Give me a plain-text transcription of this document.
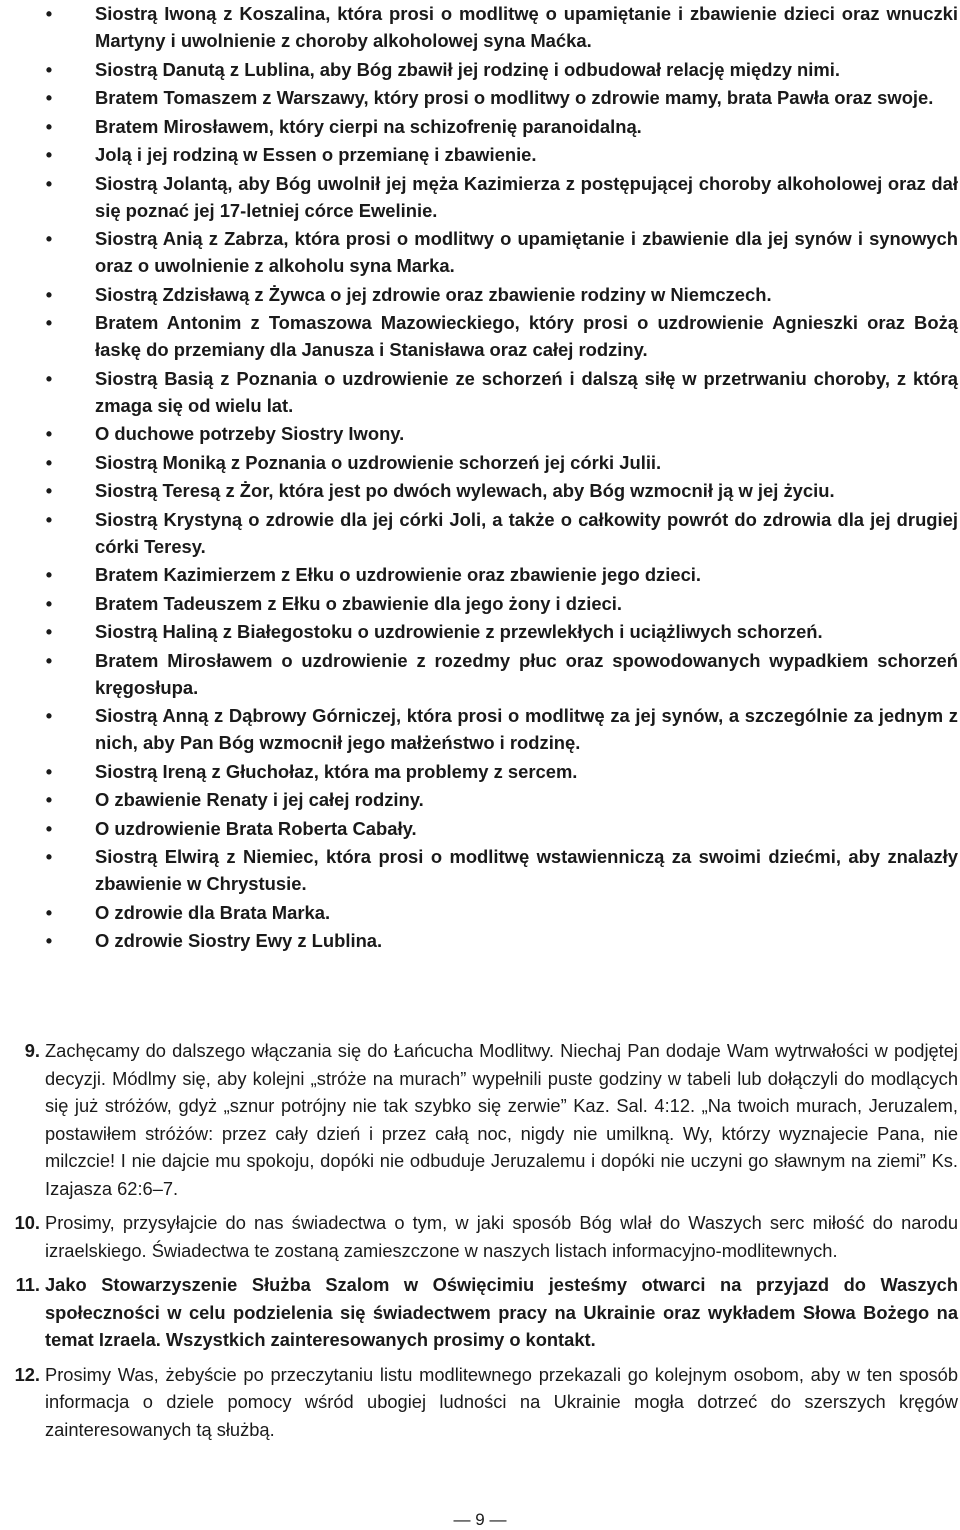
• Siostrą Iwoną z Koszalina, która prosi o modlitwę o upamiętanie i zbawienie dzieci oraz wnuczki Martyny i uwolnienie z choroby alkoholowej syna Maćka.
• Siostrą Danutą z Lublina, aby Bóg zbawił jej rodzinę i odbudował relację między nimi.
• Bratem Tomaszem z Warszawy, który prosi o modlitwy o zdrowie mamy, brata Pawła oraz swoje.
• Bratem Mirosławem, który cierpi na schizofrenię paranoidalną.
• Jolą i jej rodziną w Essen o przemianę i zbawienie.
• Siostrą Jolantą, aby Bóg uwolnił jej męża Kazimierza z postępującej choroby alkoholowej oraz dał się poznać jej 17-letniej córce Ewelinie.
• Siostrą Anią z Zabrza, która prosi o modlitwy o upamiętanie i zbawienie dla jej synów i synowych oraz o uwolnienie z alkoholu syna Marka.
• Siostrą Zdzisławą z Żywca o jej zdrowie oraz zbawienie rodziny w Niemczech.
• Bratem Antonim z Tomaszowa Mazowieckiego, który prosi o uzdrowienie Agnieszki oraz Bożą łaskę do przemiany dla Janusza i Stanisława oraz całej rodziny.
• Siostrą Basią z Poznania o uzdrowienie ze schorzeń i dalszą siłę w przetrwaniu choroby, z którą zmaga się od wielu lat.
• O duchowe potrzeby Siostry Iwony.
• Siostrą Moniką z Poznania o uzdrowienie schorzeń jej córki Julii.
• Siostrą Teresą z Żor, która jest po dwóch wylewach, aby Bóg wzmocnił ją w jej życiu.
• Siostrą Krystyną o zdrowie dla jej córki Joli, a także o całkowity powrót do zdrowia dla jej drugiej córki Teresy.
• Bratem Kazimierzem z Ełku o uzdrowienie oraz zbawienie jego dzieci.
• Bratem Tadeuszem z Ełku o zbawienie dla jego żony i dzieci.
• Siostrą Haliną z Białegostoku o uzdrowienie z przewlekłych i uciążliwych schorzeń.
• Bratem Mirosławem o uzdrowienie z rozedmy płuc oraz spowodowanych wypadkiem schorzeń kręgosłupa.
• Siostrą Anną z Dąbrowy Górniczej, która prosi o modlitwę za jej synów, a szczególnie za jednym z nich, aby Pan Bóg wzmocnił jego małżeństwo i rodzinę.
• Siostrą Ireną z Głuchołaz, która ma problemy z sercem.
• O zbawienie Renaty i jej całej rodziny.
• O uzdrowienie Brata Roberta Cabały.
• Siostrą Elwirą z Niemiec, która prosi o modlitwę wstawienniczą za swoimi dziećmi, aby znalazły zbawienie w Chrystusie.
• O zdrowie dla Brata Marka.
• O zdrowie Siostry Ewy z Lublina.
9. Zachęcamy do dalszego włączania się do Łańcucha Modlitwy. Niechaj Pan dodaje Wam wytrwałości w podjętej decyzji. Módlmy się, aby kolejni „stróże na murach” wypełnili puste godziny w tabeli lub dołączyli do modlących się już stróżów, gdyż „sznur potrójny nie tak szybko się zerwie” Kaz. Sal. 4:12. „Na twoich murach, Jeruzalem, postawiłem stróżów: przez cały dzień i przez całą noc, nigdy nie umilkną. Wy, którzy wyznajecie Pana, nie milczcie! I nie dajcie mu spokoju, dopóki nie odbuduje Jeruzalemu i dopóki nie uczyni go sławnym na ziemi” Ks. Izajasza 62:6–7.
10. Prosimy, przysyłajcie do nas świadectwa o tym, w jaki sposób Bóg wlał do Waszych serc miłość do narodu izraelskiego. Świadectwa te zostaną zamieszczone w naszych listach informacyjno-modlitewnych.
11. Jako Stowarzyszenie Służba Szalom w Oświęcimiu jesteśmy otwarci na przyjazd do Waszych społeczności w celu podzielenia się świadectwem pracy na Ukrainie oraz wykładem Słowa Bożego na temat Izraela. Wszystkich zainteresowanych prosimy o kontakt.
12. Prosimy Was, żebyście po przeczytaniu listu modlitewnego przekazali go kolejnym osobom, aby w ten sposób informacja o dziele pomocy wśród ubogiej ludności na Ukrainie mogła dotrzeć do szerszych kręgów zainteresowanych tą służbą.
— 9 —
